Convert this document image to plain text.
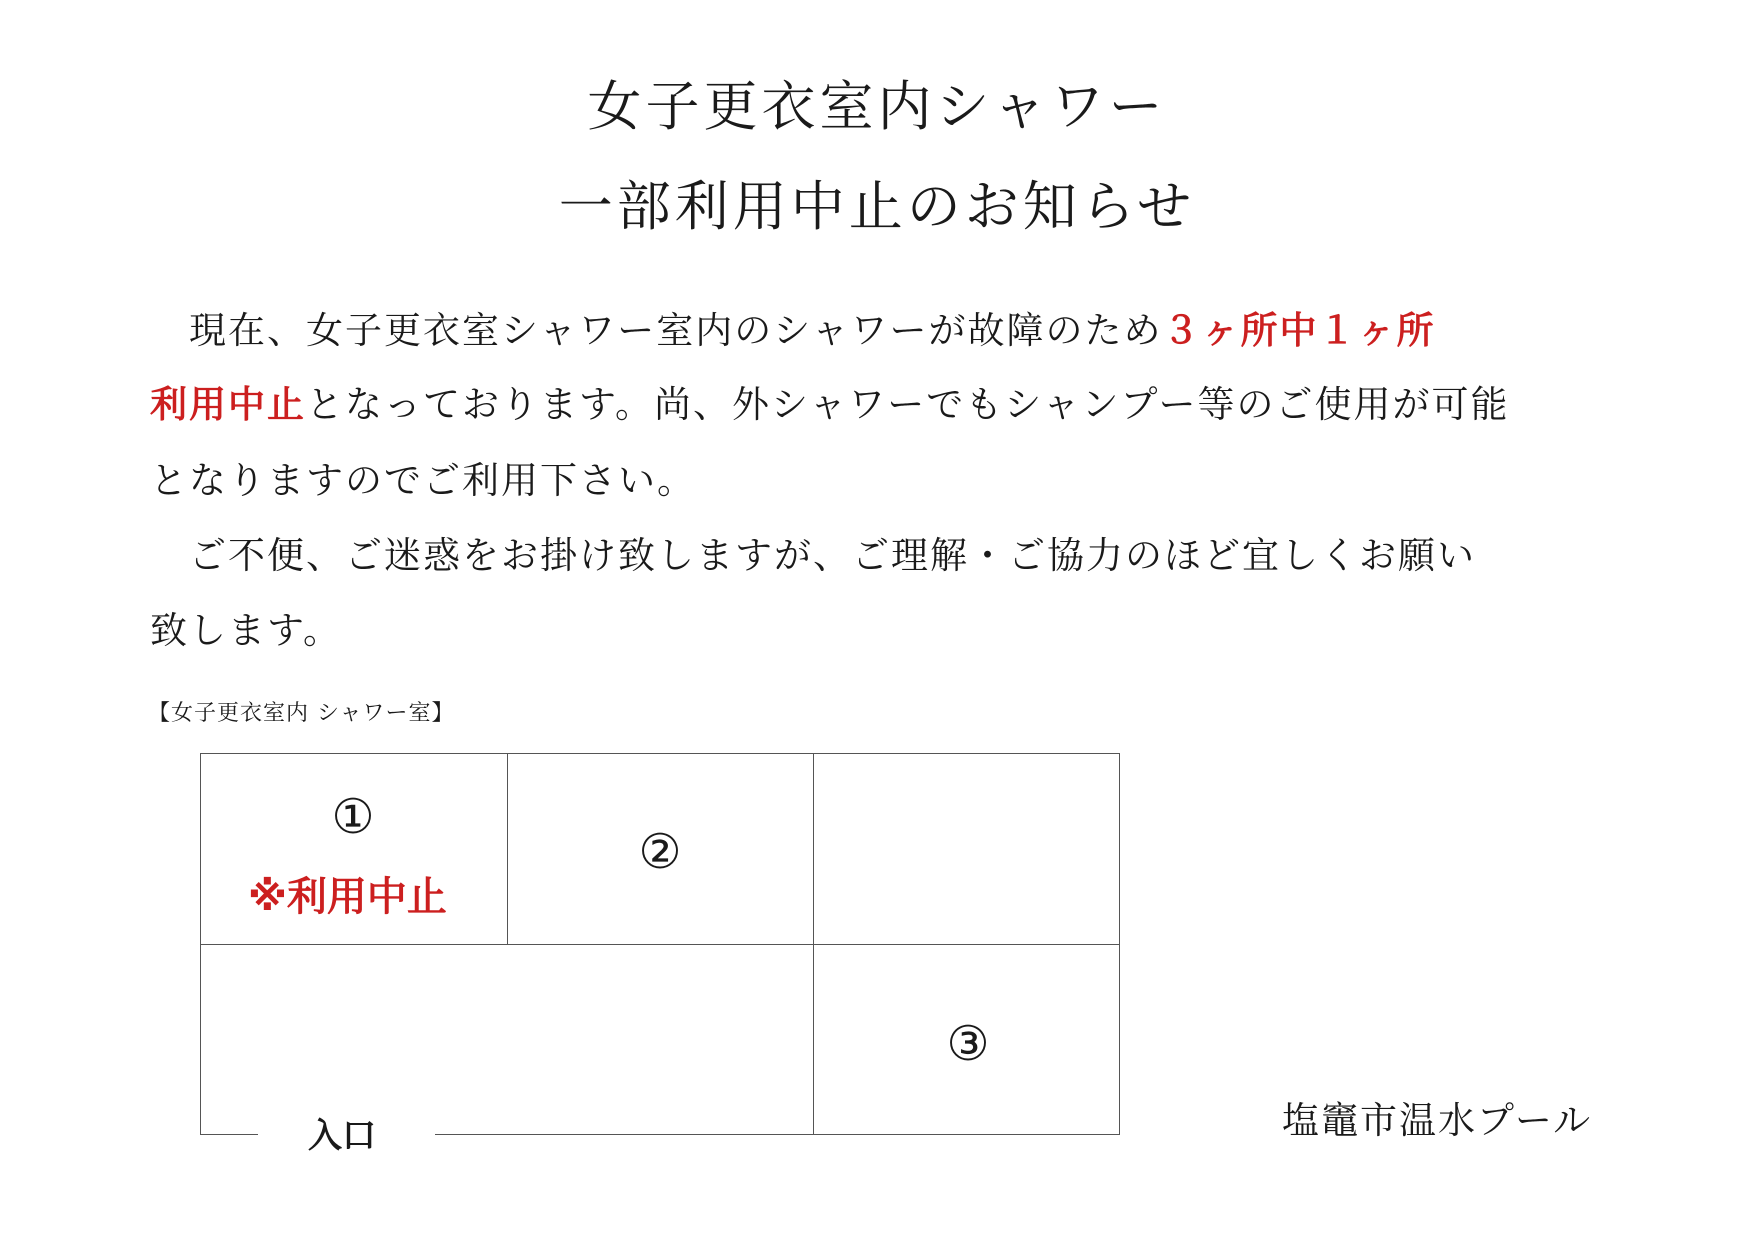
女子更衣室内シャワー
一部利用中止のお知らせ
　現在、女子更衣室シャワー室内のシャワーが故障のため３ヶ所中１ヶ所
利用中止となっております。尚、外シャワーでもシャンプー等のご使用が可能
となりますのでご利用下さい。
　ご不便、ご迷惑をお掛け致しますが、ご理解・ご協力のほど宜しくお願い
致します。
【女子更衣室内 シャワー室】
①
※利用中止
②
③
入口	塩竈市温水プール
